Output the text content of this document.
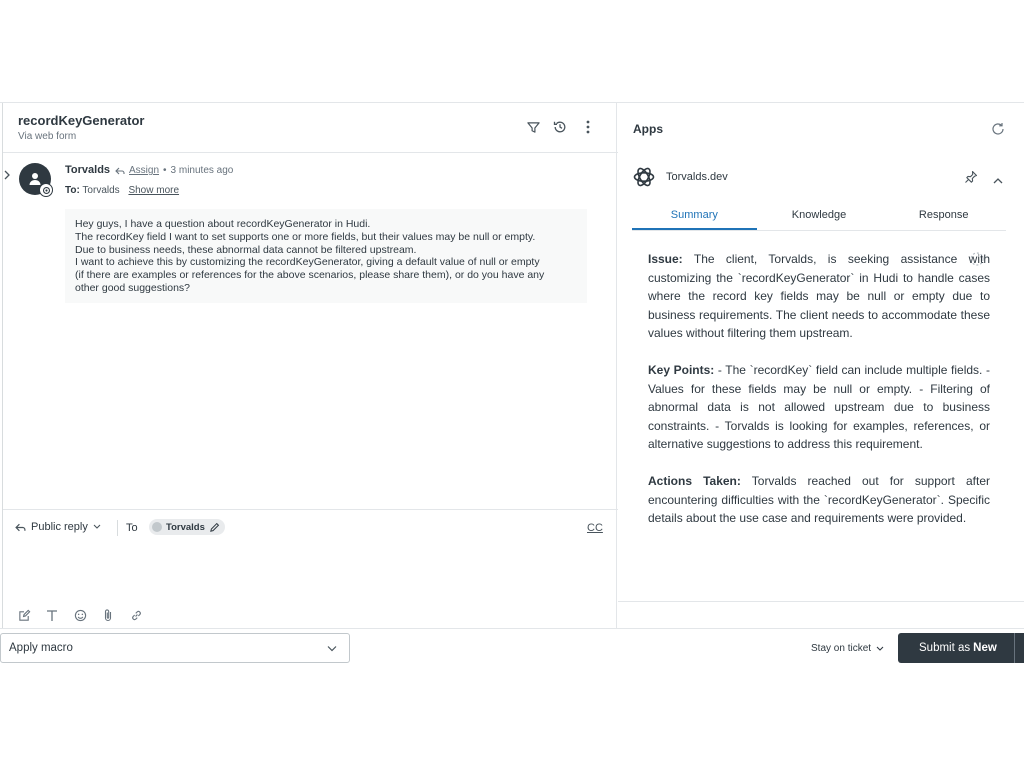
recordKeyGenerator
Via web form
Torvalds Assign • 3 minutes ago
To: Torvalds Show more

Hey guys, I have a question about recordKeyGenerator in Hudi.

The recordKey field I want to set supports one or more fields, but their values may be null or empty.

Due to business needs, these abnormal data cannot be filtered upstream.

I want to achieve this by customizing the recordKeyGenerator, giving a default value of null or empty

(if there are examples or references for the above scenarios, please share them), or do you have any

other good suggestions?

Public reply	To	Torvalds	CC
Apps
Torvalds.dev
Summary	Knowledge	Response

Issue: The client, Torvalds, is seeking assistance with customizing the `recordKeyGenerator` in Hudi to handle cases where the record key fields may be null or empty due to business requirements. The client needs to accommodate these values without filtering them upstream.

Key Points: - The `recordKey` field can include multiple fields. - Values for these fields may be null or empty. - Filtering of abnormal data is not allowed upstream due to business constraints. - Torvalds is looking for examples, references, or alternative suggestions to address this requirement.

Actions Taken: Torvalds reached out for support after encountering difficulties with the `recordKeyGenerator`. Specific details about the use case and requirements were provided.

Apply macro	Stay on ticket	Submit as New
